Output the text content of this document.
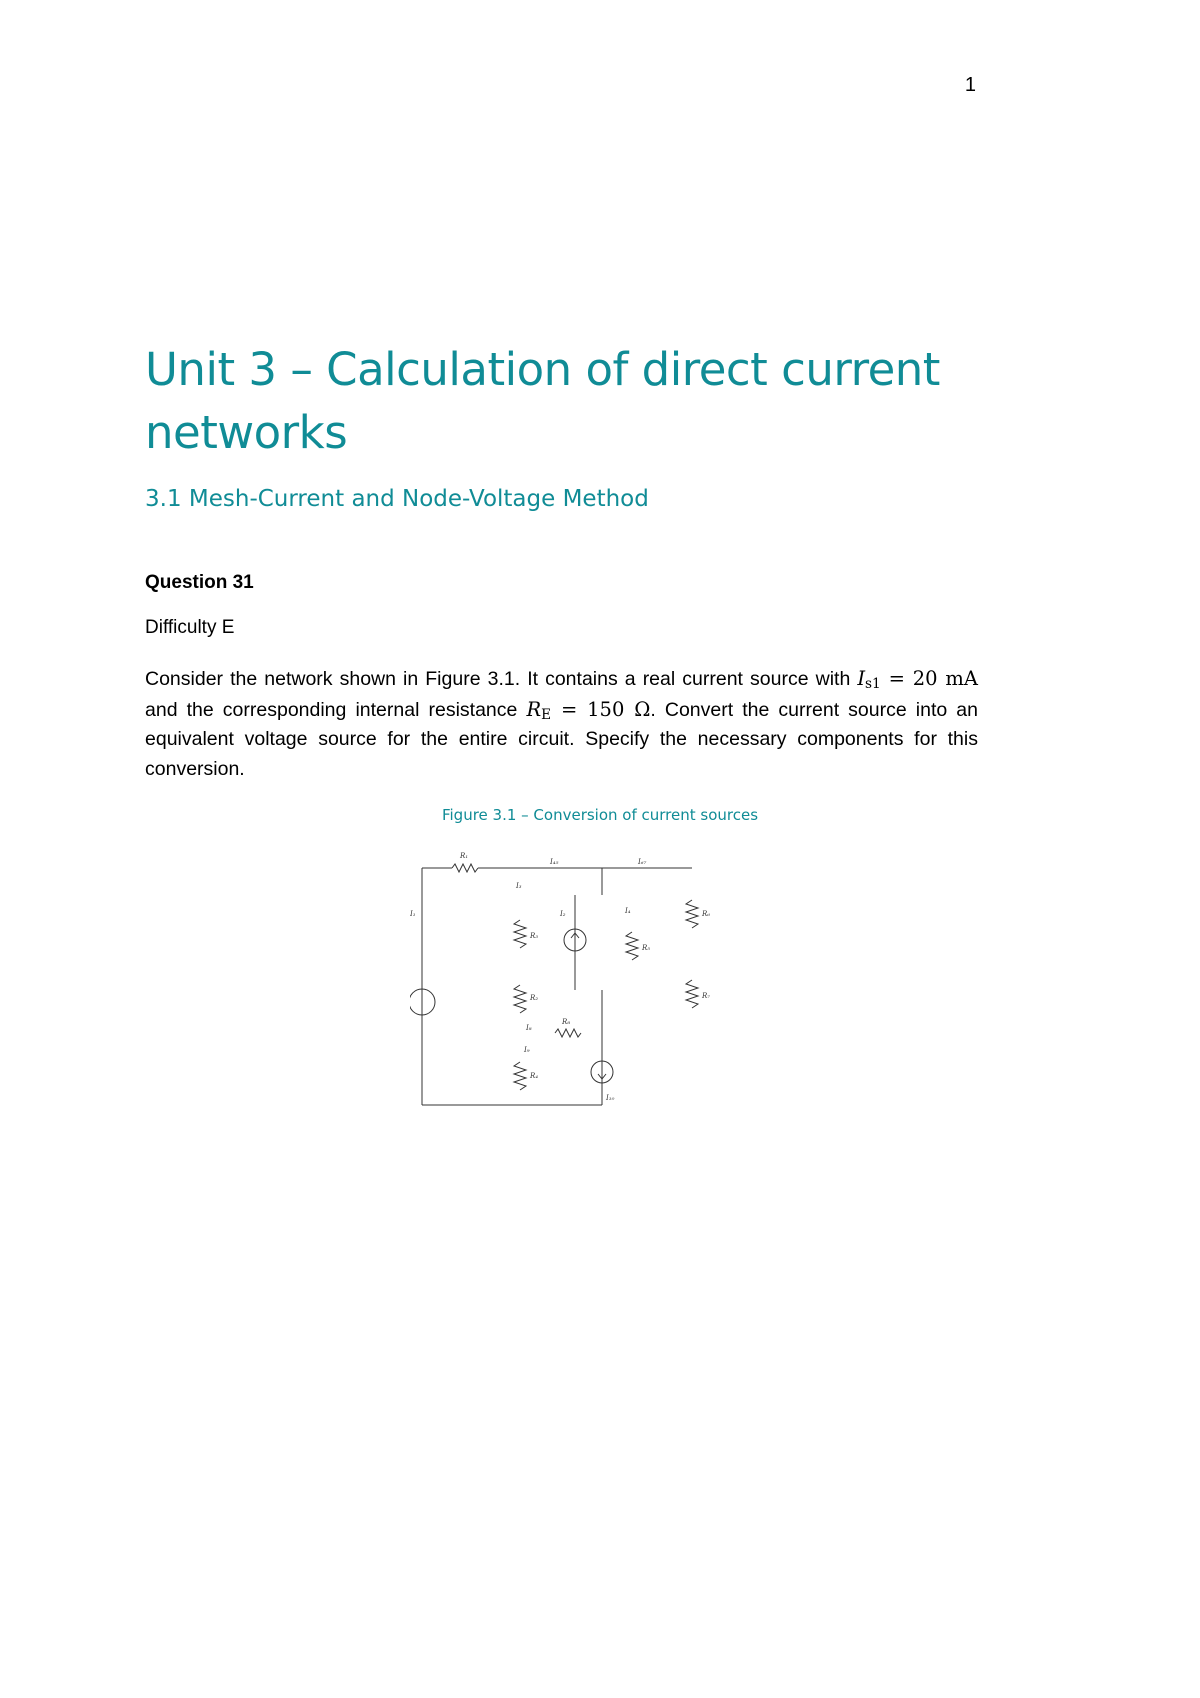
1
Unit 3 – Calculation of direct current networks
3.1 Mesh-Current and Node-Voltage Method
Question 31
Difficulty E
Consider the network shown in Figure 3.1. It contains a real current source with $I_{s1} = 20$ mA and the corresponding internal resistance $R_E = 150$ Ω. Convert the current source into an equivalent voltage source for the entire circuit. Specify the necessary components for this conversion.
Figure 3.1 – Conversion of current sources
R₁
I₄₅	I₆₇
I₃
I₁
R₃
I₂
R₅
I₄	R₆
R₇
R₂
R₈
I₈
I₉
R₄
I₁₀
